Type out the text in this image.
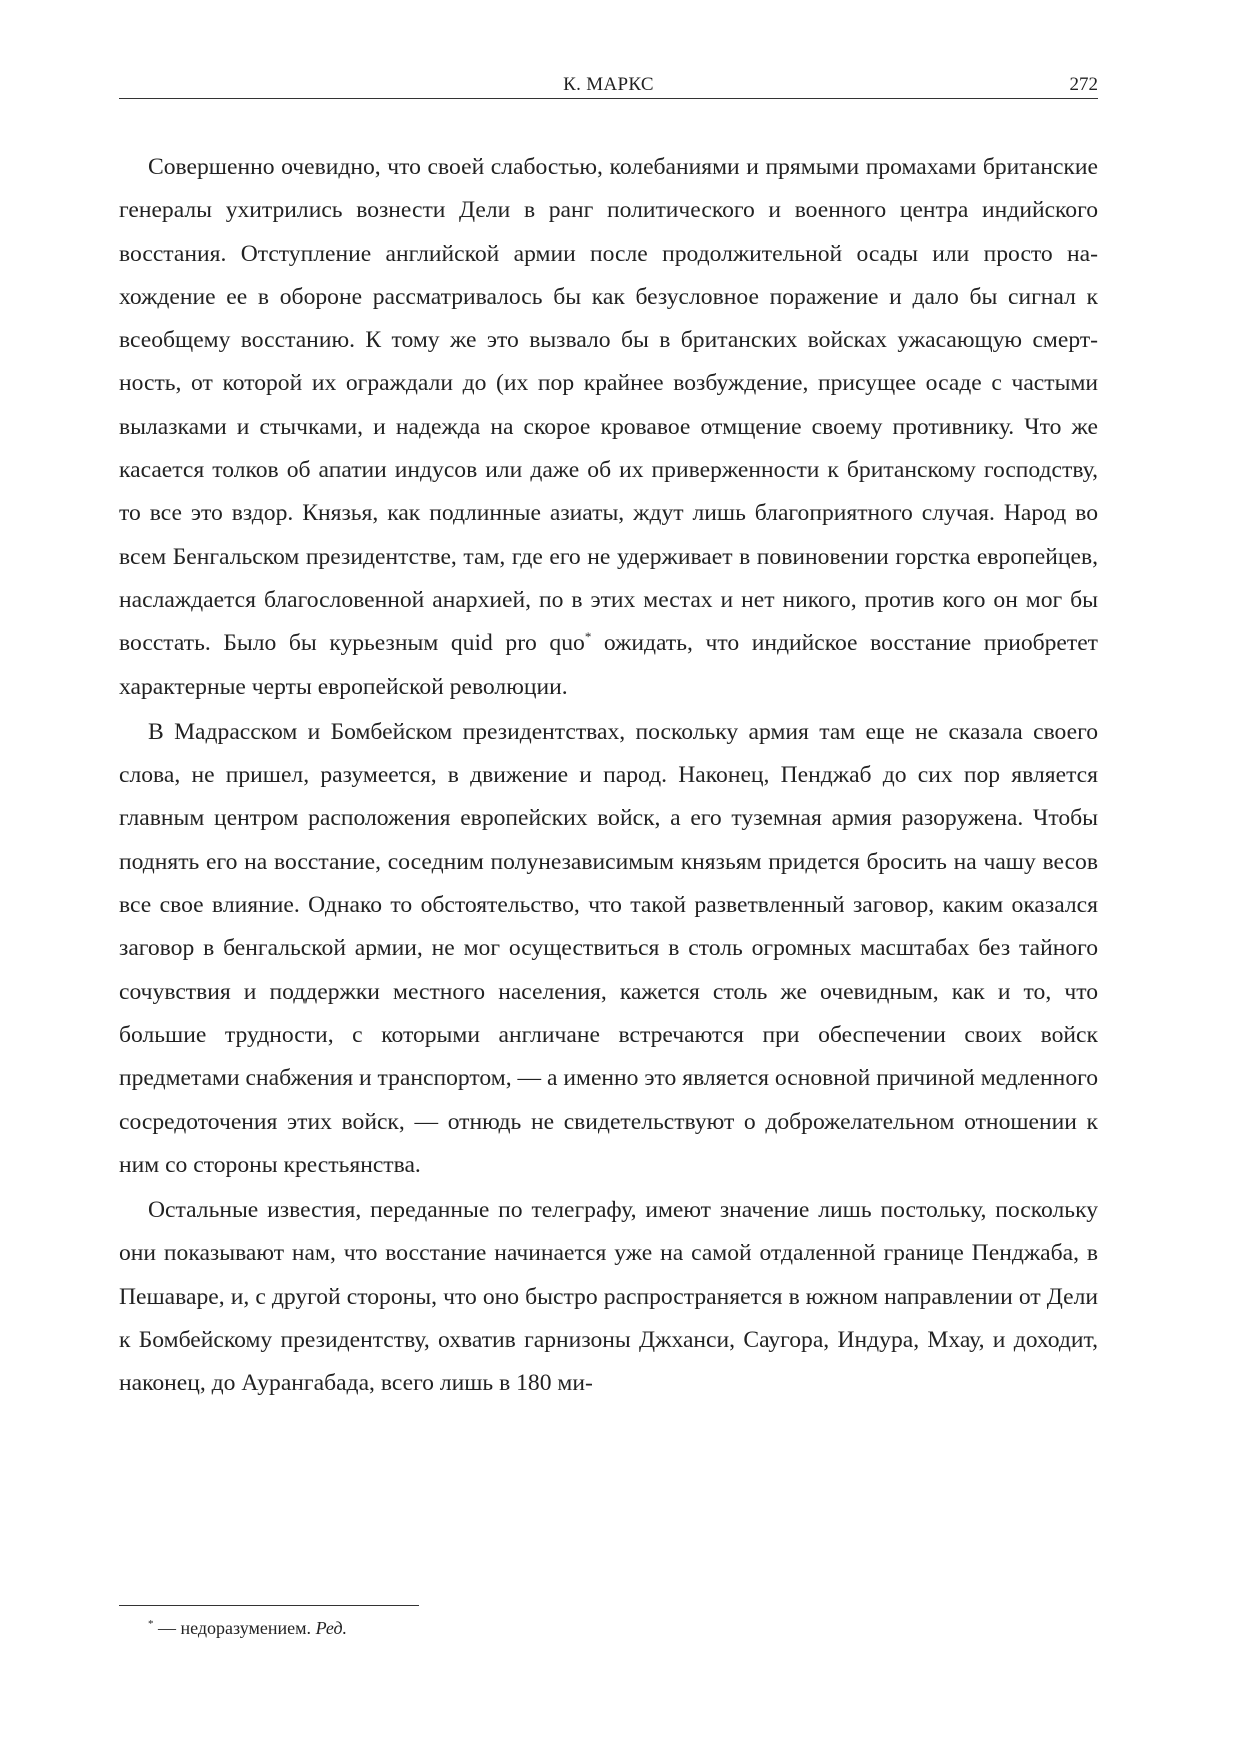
К. МАРКС	272

Совершенно очевидно, что своей слабостью, колебаниями и прямыми промахами британские генералы ухитрились вознести Дели в ранг политического и военного центра индийского восстания. Отступление английской армии после продолжительной осады или просто нахождение ее в обороне рассматривалось бы как безусловное поражение и дало бы сигнал к всеобщему восстанию. К тому же это вызвало бы в британских войсках ужасающую смертность, от которой их ограждали до (их пор крайнее возбуждение, присущее осаде с частыми вылазками и стычками, и надежда на скорое кровавое отмщение своему противнику. Что же касается толков об апатии индусов или даже об их приверженности к британскому господству, то все это вздор. Князья, как подлинные азиаты, ждут лишь благоприятного случая. Народ во всем Бенгальском президентстве, там, где его не удерживает в повиновении горстка европейцев, наслаждается благословенной анархией, по в этих местах и нет никого, против кого он мог бы восстать. Было бы курьезным quid pro quo* ожидать, что индийское восстание приобретет характерные черты европейской революции.

В Мадрасском и Бомбейском президентствах, поскольку армия там еще не сказала своего слова, не пришел, разумеется, в движение и парод. Наконец, Пенджаб до сих пор является главным центром расположения европейских войск, а его туземная армия разоружена. Чтобы поднять его на восстание, соседним полунезависимым князьям придется бросить на чашу весов все свое влияние. Однако то обстоятельство, что такой разветвленный заговор, каким оказался заговор в бенгальской армии, не мог осуществиться в столь огромных масштабах без тайного сочувствия и поддержки местного населения, кажется столь же очевидным, как и то, что большие трудности, с которыми англичане встречаются при обеспечении своих войск предметами снабжения и транспортом, — а именно это является основной причиной медленного сосредоточения этих войск, — отнюдь не свидетельствуют о доброжелательном отношении к ним со стороны крестьянства.

Остальные известия, переданные по телеграфу, имеют значение лишь постольку, поскольку они показывают нам, что восстание начинается уже на самой отдаленной границе Пенджаба, в Пешаваре, и, с другой стороны, что оно быстро распространяется в южном направлении от Дели к Бомбейскому президентству, охватив гарнизоны Джханси, Саугора, Индура, Мхау, и доходит, наконец, до Аурангабада, всего лишь в 180 ми-

* — недоразумением. Ред.
